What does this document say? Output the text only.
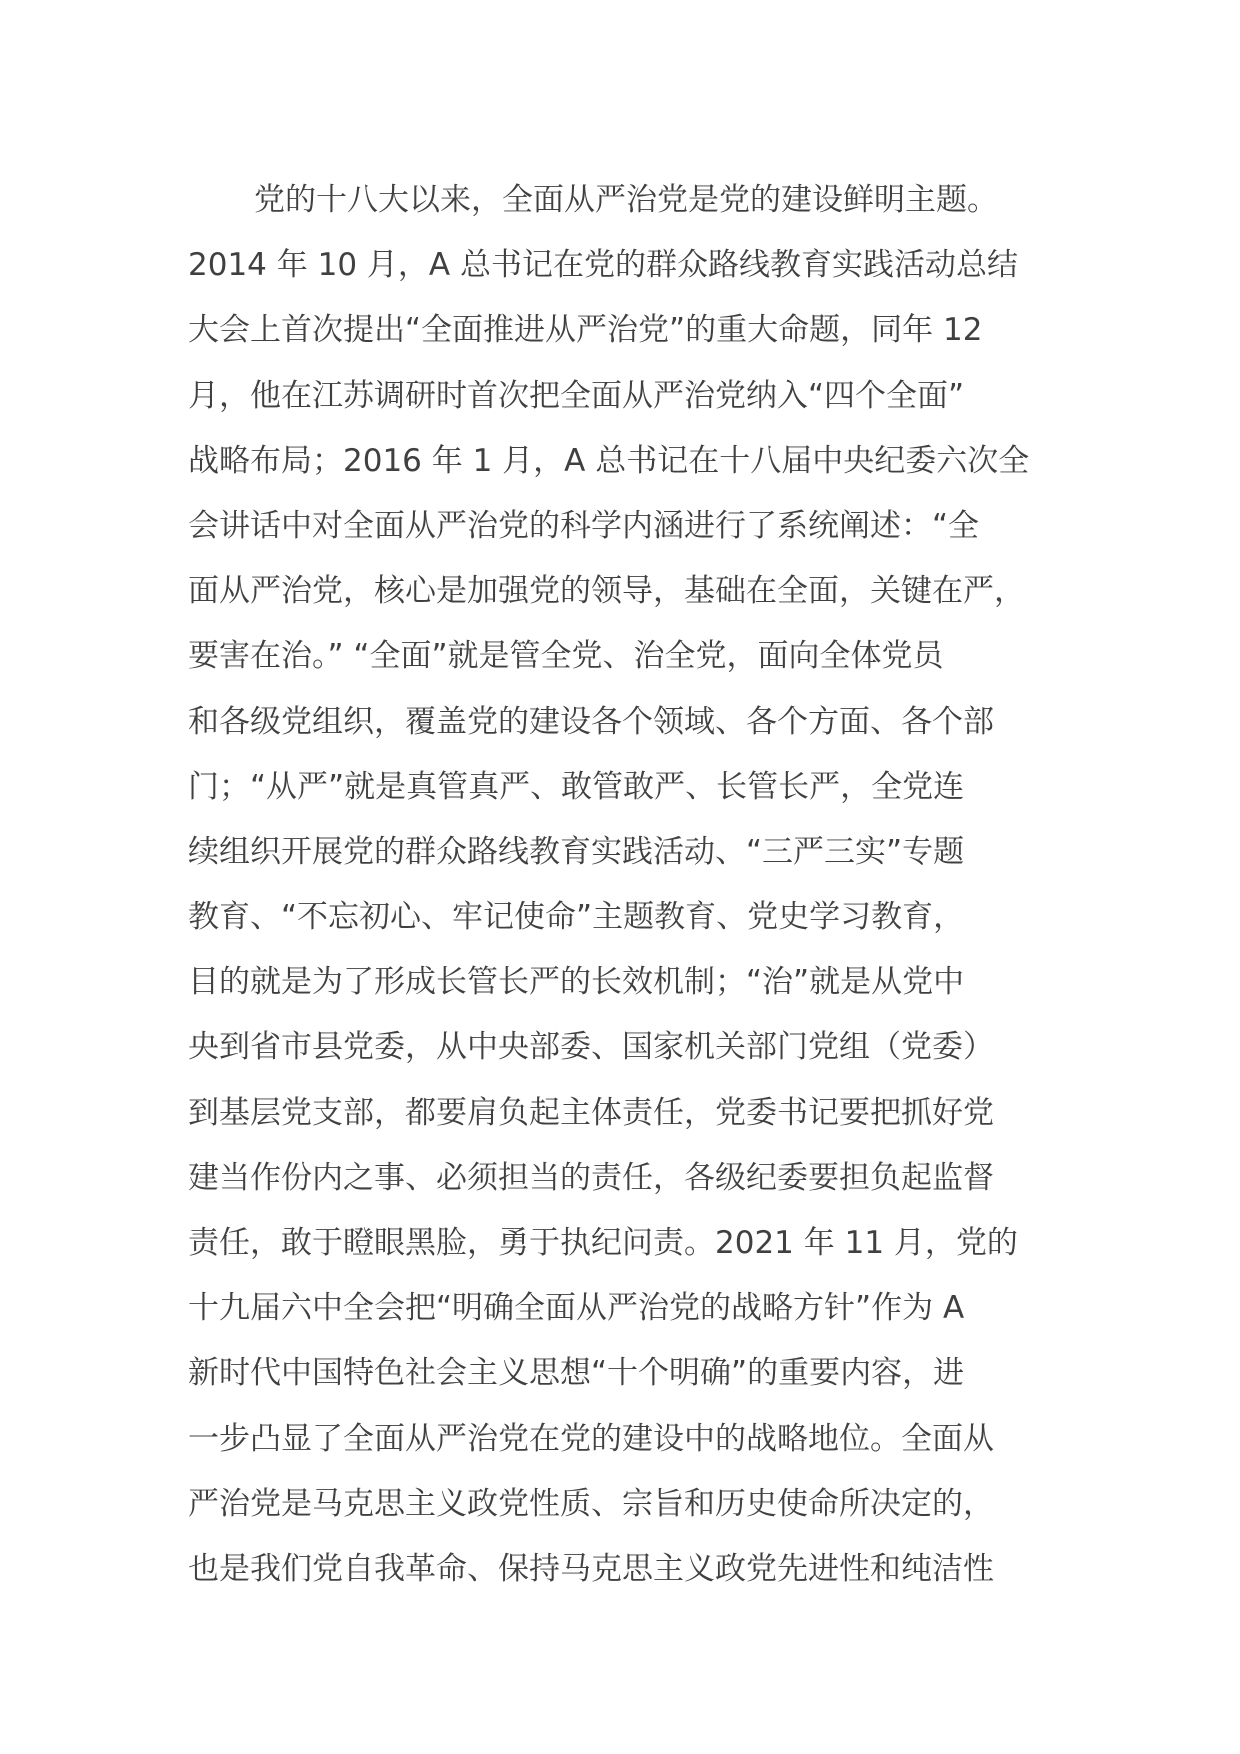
党的十八大以来，全面从严治党是党的建设鲜明主题。
2014 年 10 月，A 总书记在党的群众路线教育实践活动总结
大会上首次提出“全面推进从严治党”的重大命题，同年 12
月，他在江苏调研时首次把全面从严治党纳入“四个全面”
战略布局；2016 年 1 月，A 总书记在十八届中央纪委六次全
会讲话中对全面从严治党的科学内涵进行了系统阐述：“全
面从严治党，核心是加强党的领导，基础在全面，关键在严，
要害在治。” “全面”就是管全党、治全党，面向全体党员
和各级党组织，覆盖党的建设各个领域、各个方面、各个部
门；“从严”就是真管真严、敢管敢严、长管长严，全党连
续组织开展党的群众路线教育实践活动、“三严三实”专题
教育、“不忘初心、牢记使命”主题教育、党史学习教育，
目的就是为了形成长管长严的长效机制；“治”就是从党中
央到省市县党委，从中央部委、国家机关部门党组（党委）
到基层党支部，都要肩负起主体责任，党委书记要把抓好党
建当作份内之事、必须担当的责任，各级纪委要担负起监督
责任，敢于瞪眼黑脸，勇于执纪问责。2021 年 11 月，党的
十九届六中全会把“明确全面从严治党的战略方针”作为 A
新时代中国特色社会主义思想“十个明确”的重要内容，进
一步凸显了全面从严治党在党的建设中的战略地位。全面从
严治党是马克思主义政党性质、宗旨和历史使命所决定的，
也是我们党自我革命、保持马克思主义政党先进性和纯洁性
